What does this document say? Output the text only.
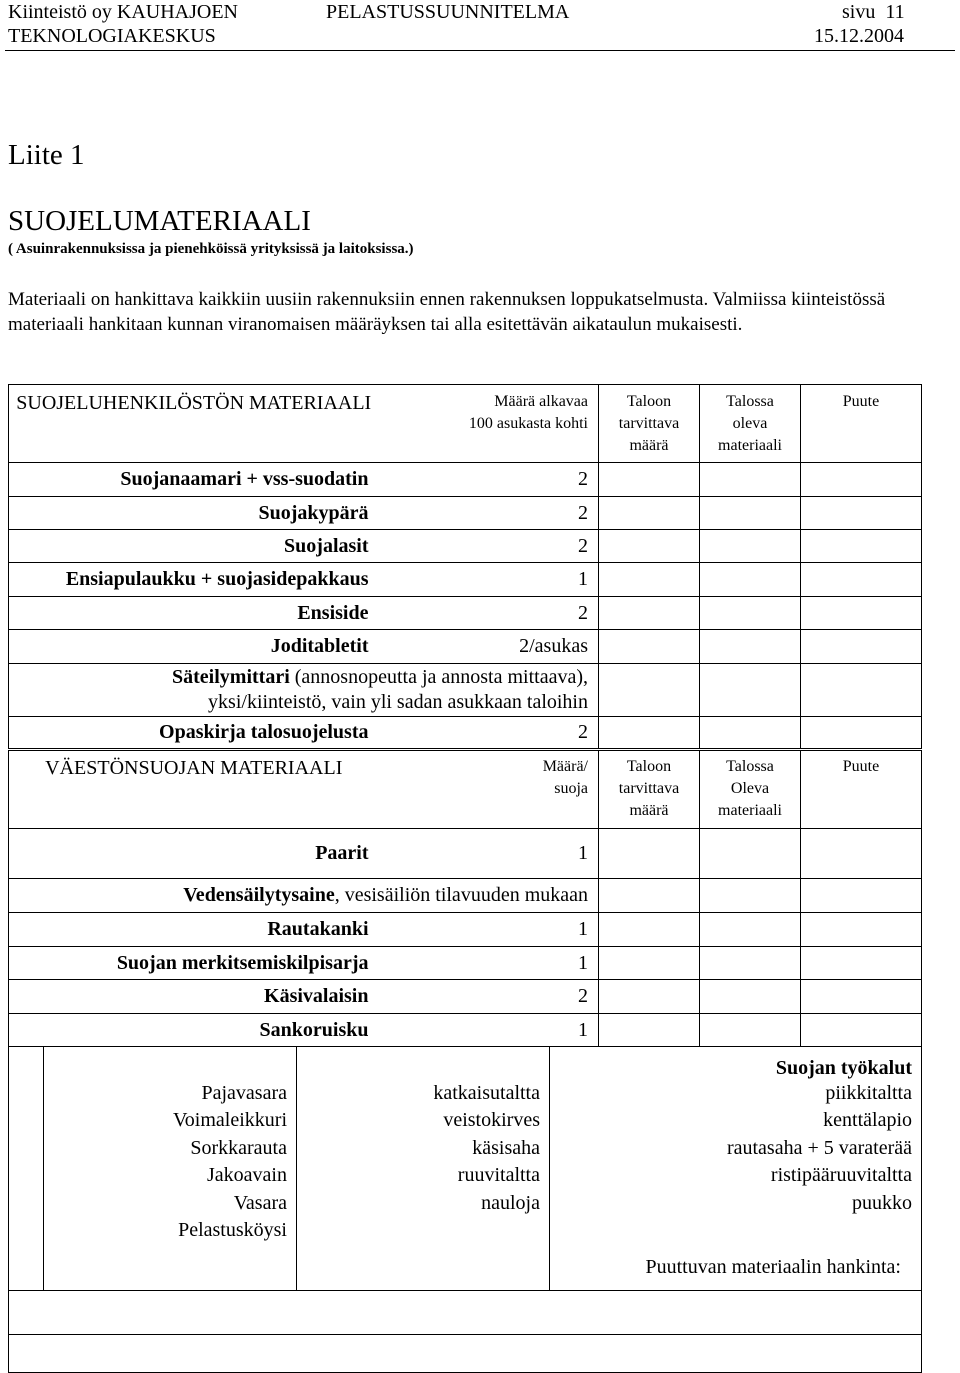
Kiinteistö oy KAUHAJOEN
TEKNOLOGIAKESKUS
PELASTUSSUUNNITELMA	sivu  11
15.12.2004
Liite 1
SUOJELUMATERIAALI
( Asuinrakennuksissa ja pienehköissä yrityksissä ja laitoksissa.)
Materiaali on hankittava kaikkiin uusiin rakennuksiin ennen rakennuksen loppukatselmusta. Valmiissa kiinteistössä materiaali hankitaan kunnan viranomaisen määräyksen tai alla esitettävän aikataulun mukaisesti.
SUOJELUHENKILÖSTÖN MATERIAALI	Määrä alkavaa 100 asukasta kohti	Taloon tarvittava määrä	Talossa oleva materiaali	Puute
Suojanaamari + vss-suodatin	2			
Suojakypärä	2			
Suojalasit	2			
Ensiapulaukku + suojasidepakkaus	1			
Ensiside	2			
Joditabletit	2/asukas			
Säteilymittari (annosnopeutta ja annosta mittaava),
yksi/kiinteistö, vain yli sadan asukkaan taloihin				
Opaskirja talosuojelusta	2			
VÄESTÖNSUOJAN MATERIAALI	Määrä/ suoja	Taloon tarvittava määrä	Talossa Oleva materiaali	Puute
Paarit	1			
Vedensäilytysaine, vesisäiliön tilavuuden mukaan				
Rautakanki	1			
Suojan merkitsemiskilpisarja	1			
Käsivalaisin	2			
Sankoruisku	1			
			Suojan työkalut
	Pajavasara	katkaisutaltta	piikkitaltta
	Voimaleikkuri	veistokirves	kenttälapio
	Sorkkarauta	käsisaha	rautasaha + 5 varaterää
	Jakoavain	ruuvitaltta	ristipääruuvitaltta
	Vasara	nauloja	puukko
	Pelastusköysi		
			Puuttuvan materiaalin hankinta:
